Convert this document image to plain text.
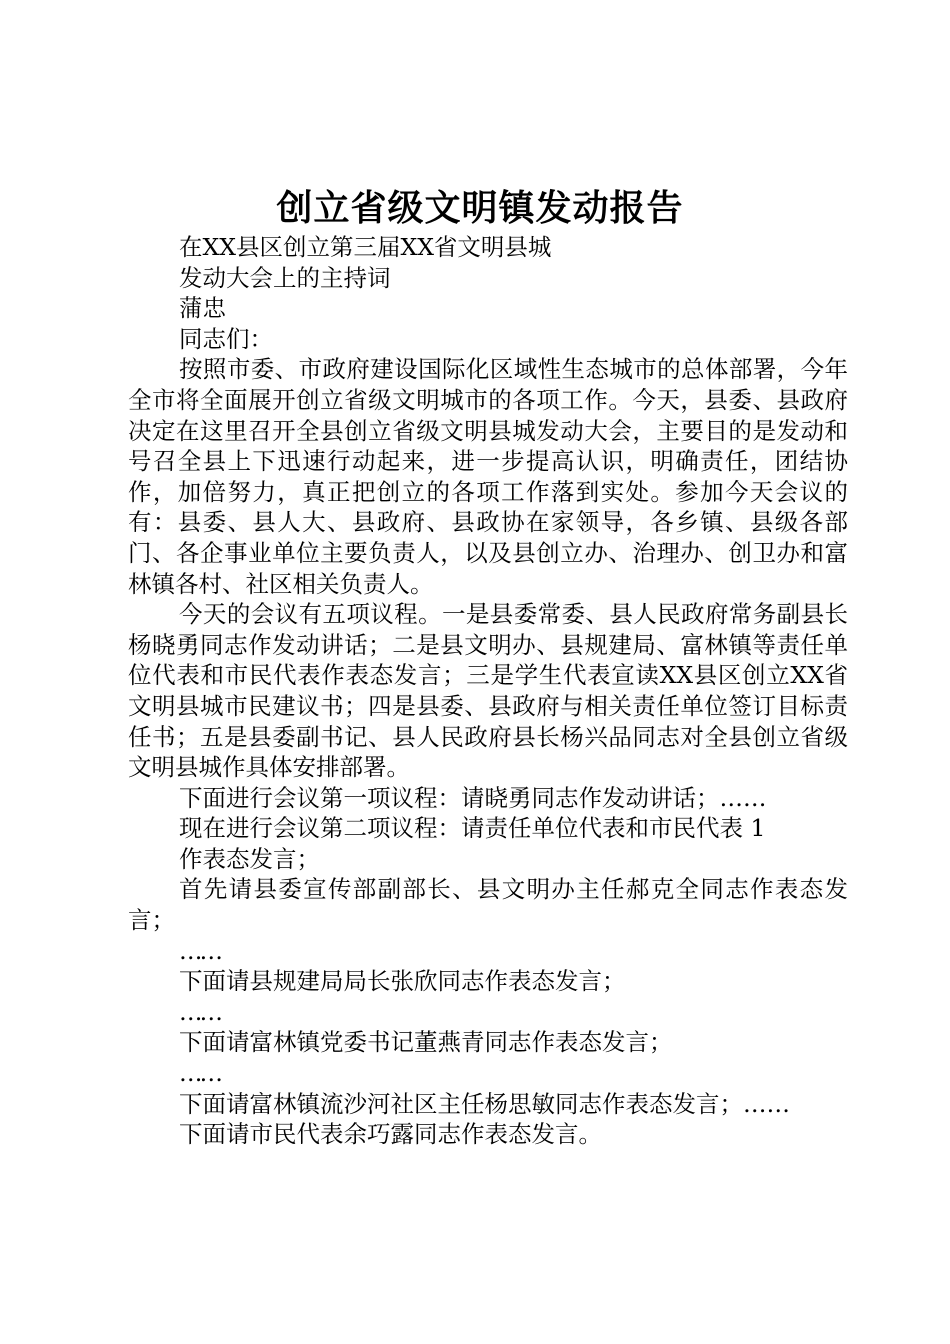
创立省级文明镇发动报告

在XX县区创立第三届XX省文明县城

发动大会上的主持词

蒲忠

同志们：

按照市委、市政府建设国际化区域性生态城市的总体部署，今年全市将全面展开创立省级文明城市的各项工作。今天，县委、县政府决定在这里召开全县创立省级文明县城发动大会，主要目的是发动和号召全县上下迅速行动起来，进一步提高认识，明确责任，团结协作，加倍努力，真正把创立的各项工作落到实处。参加今天会议的有：县委、县人大、县政府、县政协在家领导，各乡镇、县级各部门、各企事业单位主要负责人，以及县创立办、治理办、创卫办和富林镇各村、社区相关负责人。

今天的会议有五项议程。一是县委常委、县人民政府常务副县长杨晓勇同志作发动讲话；二是县文明办、县规建局、富林镇等责任单位代表和市民代表作表态发言；三是学生代表宣读XX县区创立XX省文明县城市民建议书；四是县委、县政府与相关责任单位签订目标责任书；五是县委副书记、县人民政府县长杨兴品同志对全县创立省级文明县城作具体安排部署。

下面进行会议第一项议程：请晓勇同志作发动讲话；……

现在进行会议第二项议程：请责任单位代表和市民代表 1

作表态发言；

首先请县委宣传部副部长、县文明办主任郝克全同志作表态发言；

……

下面请县规建局局长张欣同志作表态发言；

……

下面请富林镇党委书记董燕青同志作表态发言；

……

下面请富林镇流沙河社区主任杨思敏同志作表态发言；……

下面请市民代表余巧露同志作表态发言。
